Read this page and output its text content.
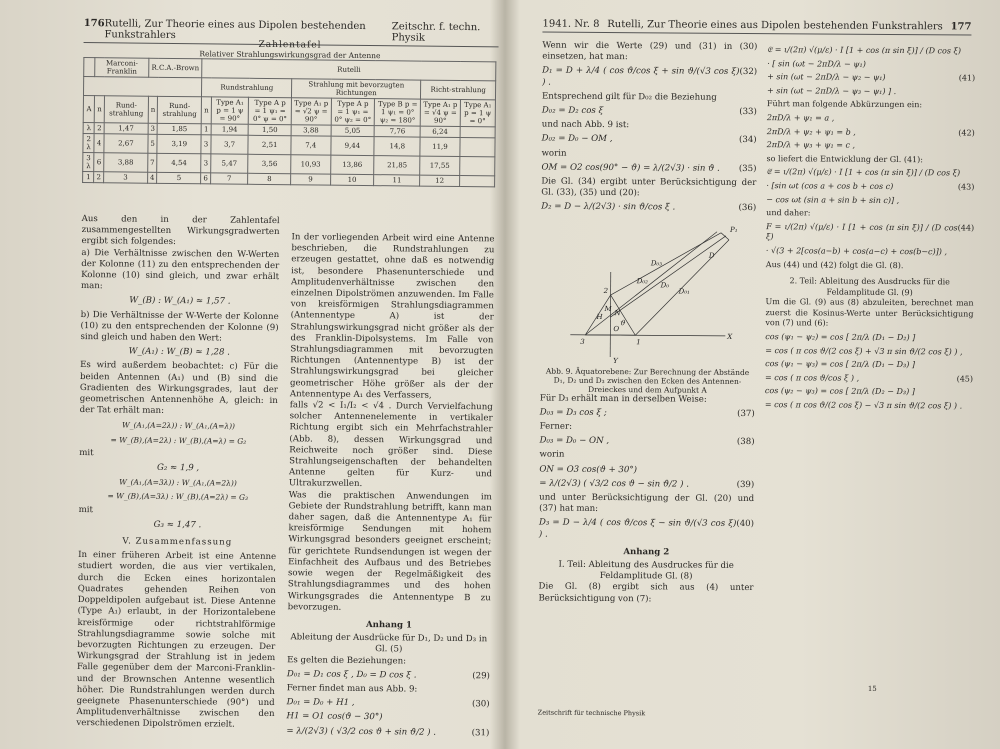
176 Rutelli, Zur Theorie eines aus Dipolen bestehenden Funkstrahlers
Zeitschr. f. techn. Physik
Zahlentafel
Relativer Strahlungswirkungsgrad der Antenne
	Marconi-Franklin		R.C.A.-Brown		Rutelli							
					Rundstrahlung			Strahlung mit bevorzugten Richtungen			Richt-strahlung	
A	n	Rund-strahlung	n	Rund-strahlung	n	Type A₁ p = 1 ψ = 90°	Type A p = 1 ψ₁ = 0° ψ = 0°	Type A₁ p = √2 ψ = 90°	Type A p = 1 ψ₁ = 0° ψ₂ = 0°	Type B p = 1 ψ₁ = 0° ψ₂ = 180°	Type A₁ p = √4 ψ = 90°	Type A₁ p = 1 ψ = 0°
λ	2	1,47	3	1,85	1	1,94	1,50	3,88	5,05	7,76	6,24	
2 λ	4	2,67	5	3,19	3	3,7	2,51	7,4	9,44	14,8	11,9	
3 λ	6	3,88	7	4,54	3	5,47	3,56	10,93	13,86	21,85	17,55	
1	2	3	4	5	6	7	8	9	10	11	12	
Aus den in der Zahlentafel zusammengestellten Wirkungsgradwerten ergibt sich folgendes:
a) Die Verhältnisse zwischen den W-Werten der Kolonne (11) zu den entsprechenden der Kolonne (10) sind gleich, und zwar erhält man:
W_(B) : W_(A₁) ≈ 1,57 .
b) Die Verhältnisse der W-Werte der Kolonne (10) zu den entsprechenden der Kolonne (9) sind gleich und haben den Wert:
W_(A₁) : W_(B) ≈ 1,28 .
Es wird außerdem beobachtet: c) Für die beiden Antennen (A₁) und (B) sind die Gradienten des Wirkungsgrades, laut der geometrischen Antennenhöhe A, gleich: in der Tat erhält man:
W_(A₁,(A=2λ)) : W_(A₁,(A=λ))
= W_(B),(A=2λ) : W_(B),(A=λ) = G₂
mit
G₂ ≈ 1,9 ,
W_(A₁,(A=3λ)) : W_(A₁,(A=2λ))
= W_(B),(A=3λ) : W_(B),(A=2λ) = G₃
mit
G₃ ≈ 1,47 .
V. Zusammenfassung
In einer früheren Arbeit ist eine Antenne studiert worden, die aus vier vertikalen, durch die Ecken eines horizontalen Quadrates gehenden Reihen von Doppeldipolen aufgebaut ist. Diese Antenne (Type A₁) erlaubt, in der Horizontalebene kreisförmige oder richtstrahlförmige Strahlungsdiagramme sowie solche mit bevorzugten Richtungen zu erzeugen. Der Wirkungsgrad der Strahlung ist in jedem Falle gegenüber dem der Marconi-Franklin- und der Brownschen Antenne wesentlich höher. Die Rundstrahlungen werden durch geeignete Phasenunterschiede (90°) und Amplitudenverhältnisse zwischen den verschiedenen Dipolströmen erzielt.
In der vorliegenden Arbeit wird eine Antenne beschrieben, die Rundstrahlungen zu erzeugen gestattet, ohne daß es notwendig ist, besondere Phasenunterschiede und Amplitudenverhältnisse zwischen den einzelnen Dipolströmen anzuwenden. Im Falle von kreisförmigen Strahlungsdiagrammen (Antennentype A) ist der Strahlungswirkungsgrad nicht größer als der des Franklin-Dipolsystems. Im Falle von Strahlungsdiagrammen mit bevorzugten Richtungen (Antennentype B) ist der Strahlungswirkungsgrad bei gleicher geometrischer Höhe größer als der der Antennentype A₁ des Verfassers,
falls √2 < I₁/I₂ < √4 . Durch Vervielfachung solcher Antennenelemente in vertikaler Richtung ergibt sich ein Mehrfachstrahler (Abb. 8), dessen Wirkungsgrad und Reichweite noch größer sind. Diese Strahlungseigenschaften der behandelten Antenne gelten für Kurz- und Ultrakurzwellen.
Was die praktischen Anwendungen im Gebiete der Rundstrahlung betrifft, kann man daher sagen, daß die Antennentype A₁ für kreisförmige Sendungen mit hohem Wirkungsgrad besonders geeignet erscheint; für gerichtete Rundsendungen ist wegen der Einfachheit des Aufbaus und des Betriebes sowie wegen der Regelmäßigkeit des Strahlungsdiagrammes und des hohen Wirkungsgrades die Antennentype B zu bevorzugen.
Anhang 1
Ableitung der Ausdrücke für D₁, D₂ und D₃ in Gl. (5)
Es gelten die Beziehungen:
D₀₁ = D₁ cos ξ , D₀ = D cos ξ .	(29)
Ferner findet man aus Abb. 9:
D₀₁ = D₀ + H1 ,	(30)
H1 = O1 cos(ϑ − 30°)
= λ/(2√3) ( √3/2 cos ϑ + sin ϑ/2 ) .	(31)
1941. Nr. 8 Rutelli, Zur Theorie eines aus Dipolen bestehenden Funkstrahlers 177
Wenn wir die Werte (29) und (31) in (30) einsetzen, hat man:
D₁ = D + λ/4 ( cos ϑ/cos ξ + sin ϑ/(√3 cos ξ) ) .
(32)
Entsprechend gilt für D₀₂ die Beziehung
D₀₂ = D₂ cos ξ	(33)
und nach Abb. 9 ist:
D₀₂ = D₀ − OM ,	(34)
worin
OM = O2 cos(90° − ϑ) = λ/(2√3) · sin ϑ . (35)
Die Gl. (34) ergibt unter Berücksichtigung der Gl. (33), (35) und (20):
D₂ = D − λ/(2√3) · sin ϑ/cos ξ .	(36)
P₁
D₀₃
D₀₂
D₀₁
D₀
2
N
M
H
O
3	1
X
Y
ϑ
D
Abb. 9. Äquatorebene: Zur Berechnung der Abstände D₁, D₂ und D₃ zwischen den Ecken des Antennen-Dreieckes und dem Aufpunkt A
Für D₃ erhält man in derselben Weise:
D₀₃ = D₃ cos ξ ;	(37)
Ferner:
D₀₃ = D₀ − ON ,	(38)
worin
ON = O3 cos(ϑ + 30°)
= λ/(2√3) ( √3/2 cos ϑ − sin ϑ/2 ) .	(39)
und unter Berücksichtigung der Gl. (20) und (37) hat man:
D₃ = D − λ/4 ( cos ϑ/cos ξ − sin ϑ/(√3 cos ξ) ) .
(40)
Anhang 2
I. Teil: Ableitung des Ausdruckes für die Feldamplitude Gl. (8)
Die Gl. (8) ergibt sich aus (4) unter Berücksichtigung von (7):
Zeitschrift für technische Physik
𝔈 = ι/(2π) √(μ/ε) · I [1 + cos (π sin ξ)] / (D cos ξ)
· [ sin (ωt − 2πD/λ − ψ₁)
+ sin (ωt − 2πD/λ − ψ₂ − ψ₁)	(41)
+ sin (ωt − 2πD/λ − ψ₃ − ψ₁) ] .
Führt man folgende Abkürzungen ein:
2πD/λ + ψ₁ = a ,
2πD/λ + ψ₂ + ψ₁ = b ,	(42)
2πD/λ + ψ₃ + ψ₁ = c ,
so liefert die Entwicklung der Gl. (41):
𝔈 = ι/(2π) √(μ/ε) · I [1 + cos (π sin ξ)] / (D cos ξ)
· [sin ωt (cos a + cos b + cos c)	(43)
− cos ωt (sin a + sin b + sin c)] ,
und daher:
F = ι/(2π) √(μ/ε) · I [1 + cos (π sin ξ)] / (D cos ξ)
(44)
· √(3 + 2[cos(a−b) + cos(a−c) + cos(b−c)]) ,
Aus (44) und (42) folgt die Gl. (8).
2. Teil: Ableitung des Ausdrucks für die Feldamplitude Gl. (9)
Um die Gl. (9) aus (8) abzuleiten, berechnet man zuerst die Kosinus-Werte unter Berücksichtigung von (7) und (6):
cos (ψ₁ − ψ₂) = cos [ 2π/λ (D₁ − D₂) ]
= cos ( π cos ϑ/(2 cos ξ) + √3 π sin ϑ/(2 cos ξ) ) ,
cos (ψ₁ − ψ₃) = cos [ 2π/λ (D₁ − D₃) ]
= cos ( π cos ϑ/cos ξ ) ,	(45)
cos (ψ₂ − ψ₃) = cos [ 2π/λ (D₂ − D₃) ]
= cos ( π cos ϑ/(2 cos ξ) − √3 π sin ϑ/(2 cos ξ) ) .
15
